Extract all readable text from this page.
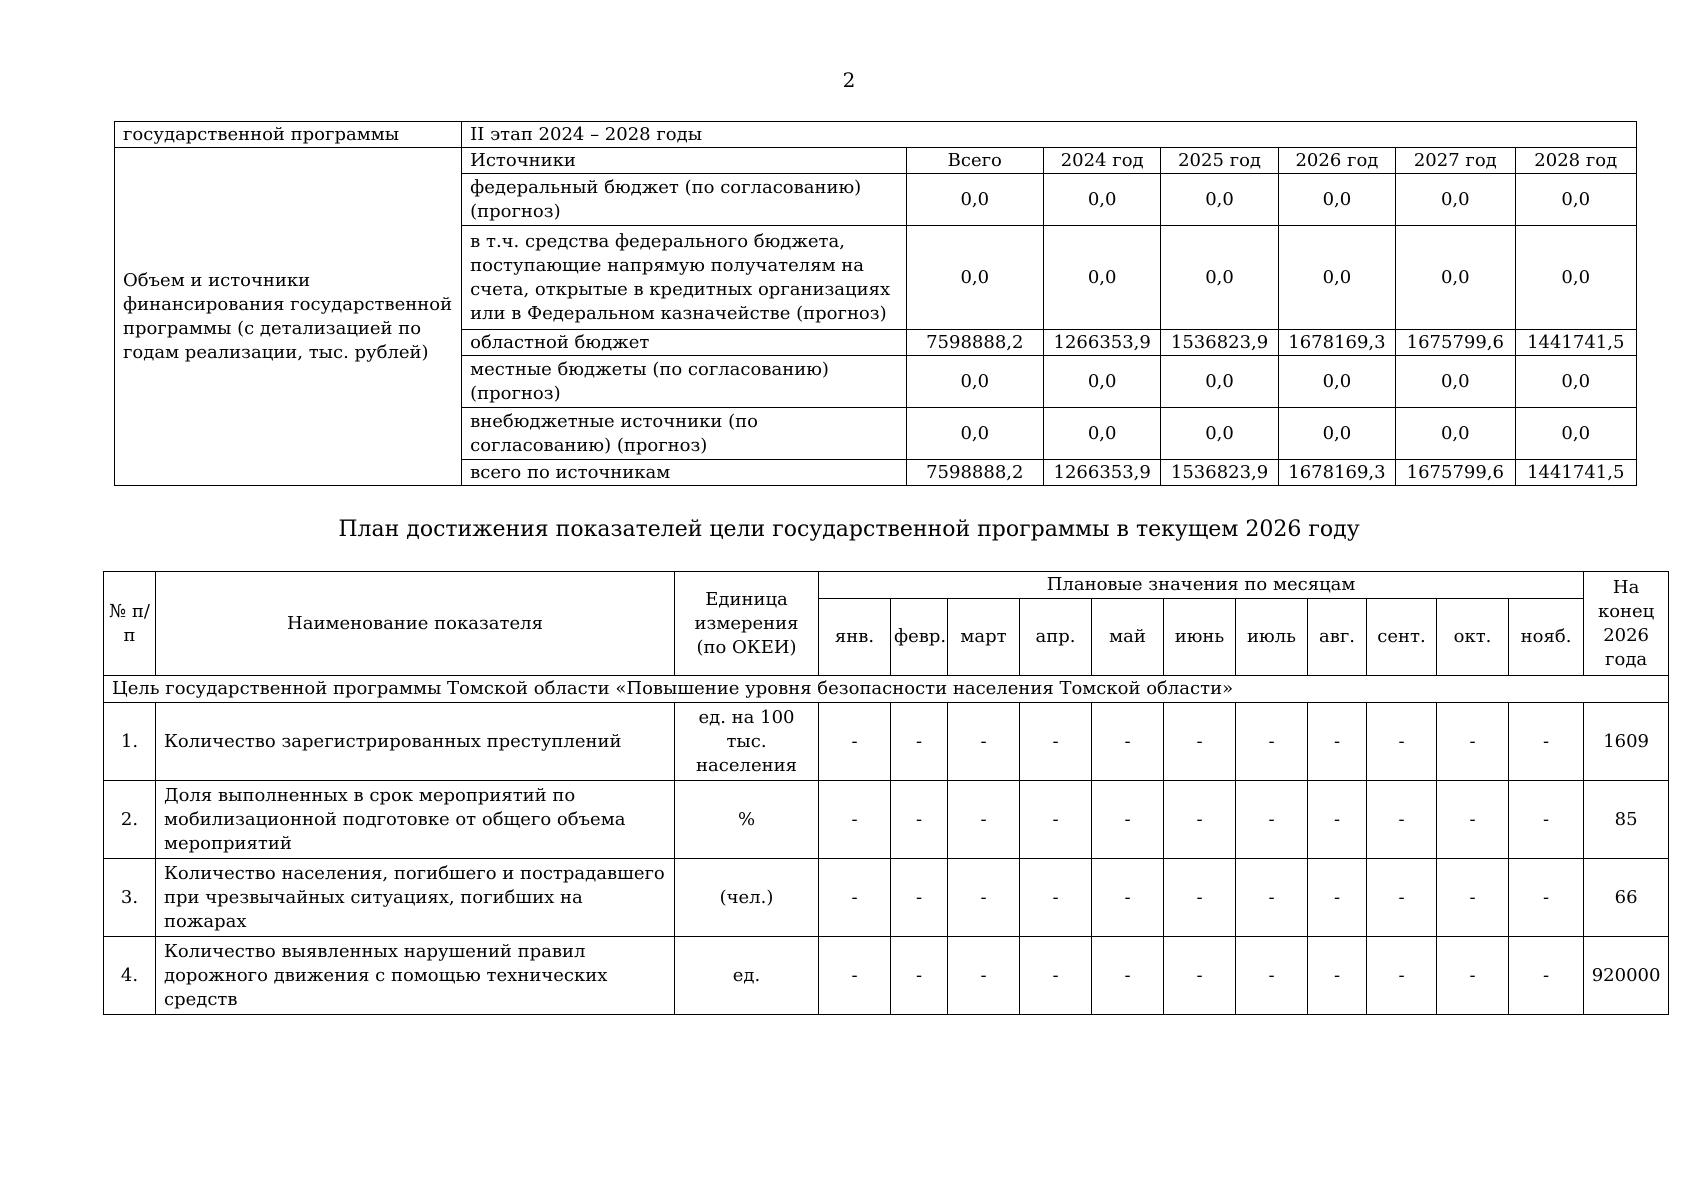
2
государственной программы	II этап 2024 – 2028 годы						
Объем и источники финансирования государственной программы (с детализацией по годам реализации, тыс. рублей)	Источники	Всего	2024 год	2025 год	2026 год	2027 год	2028 год
	федеральный бюджет (по согласованию) (прогноз)	0,0	0,0	0,0	0,0	0,0	0,0
	в т.ч. средства федерального бюджета, поступающие напрямую получателям на счета, открытые в кредитных организациях или в Федеральном казначействе (прогноз)	0,0	0,0	0,0	0,0	0,0	0,0
	областной бюджет	7598888,2	1266353,9	1536823,9	1678169,3	1675799,6	1441741,5
	местные бюджеты (по согласованию) (прогноз)	0,0	0,0	0,0	0,0	0,0	0,0
	внебюджетные источники (по согласованию) (прогноз)	0,0	0,0	0,0	0,0	0,0	0,0
	всего по источникам	7598888,2	1266353,9	1536823,9	1678169,3	1675799,6	1441741,5
План достижения показателей цели государственной программы в текущем 2026 году
№ п/п	Наименование показателя	Единица измерения (по ОКЕИ)	Плановые значения по месяцам											На конец 2026 года
			янв.	февр.	март	апр.	май	июнь	июль	авг.	сент.	окт.	нояб.	
Цель государственной программы Томской области «Повышение уровня безопасности населения Томской области»														
1.	Количество зарегистрированных преступлений	ед. на 100 тыс. населения	-	-	-	-	-	-	-	-	-	-	-	1609
2.	Доля выполненных в срок мероприятий по мобилизационной подготовке от общего объема мероприятий	%	-	-	-	-	-	-	-	-	-	-	-	85
3.	Количество населения, погибшего и пострадавшего при чрезвычайных ситуациях, погибших на пожарах	(чел.)	-	-	-	-	-	-	-	-	-	-	-	66
4.	Количество выявленных нарушений правил дорожного движения с помощью технических средств	ед.	-	-	-	-	-	-	-	-	-	-	-	920000
